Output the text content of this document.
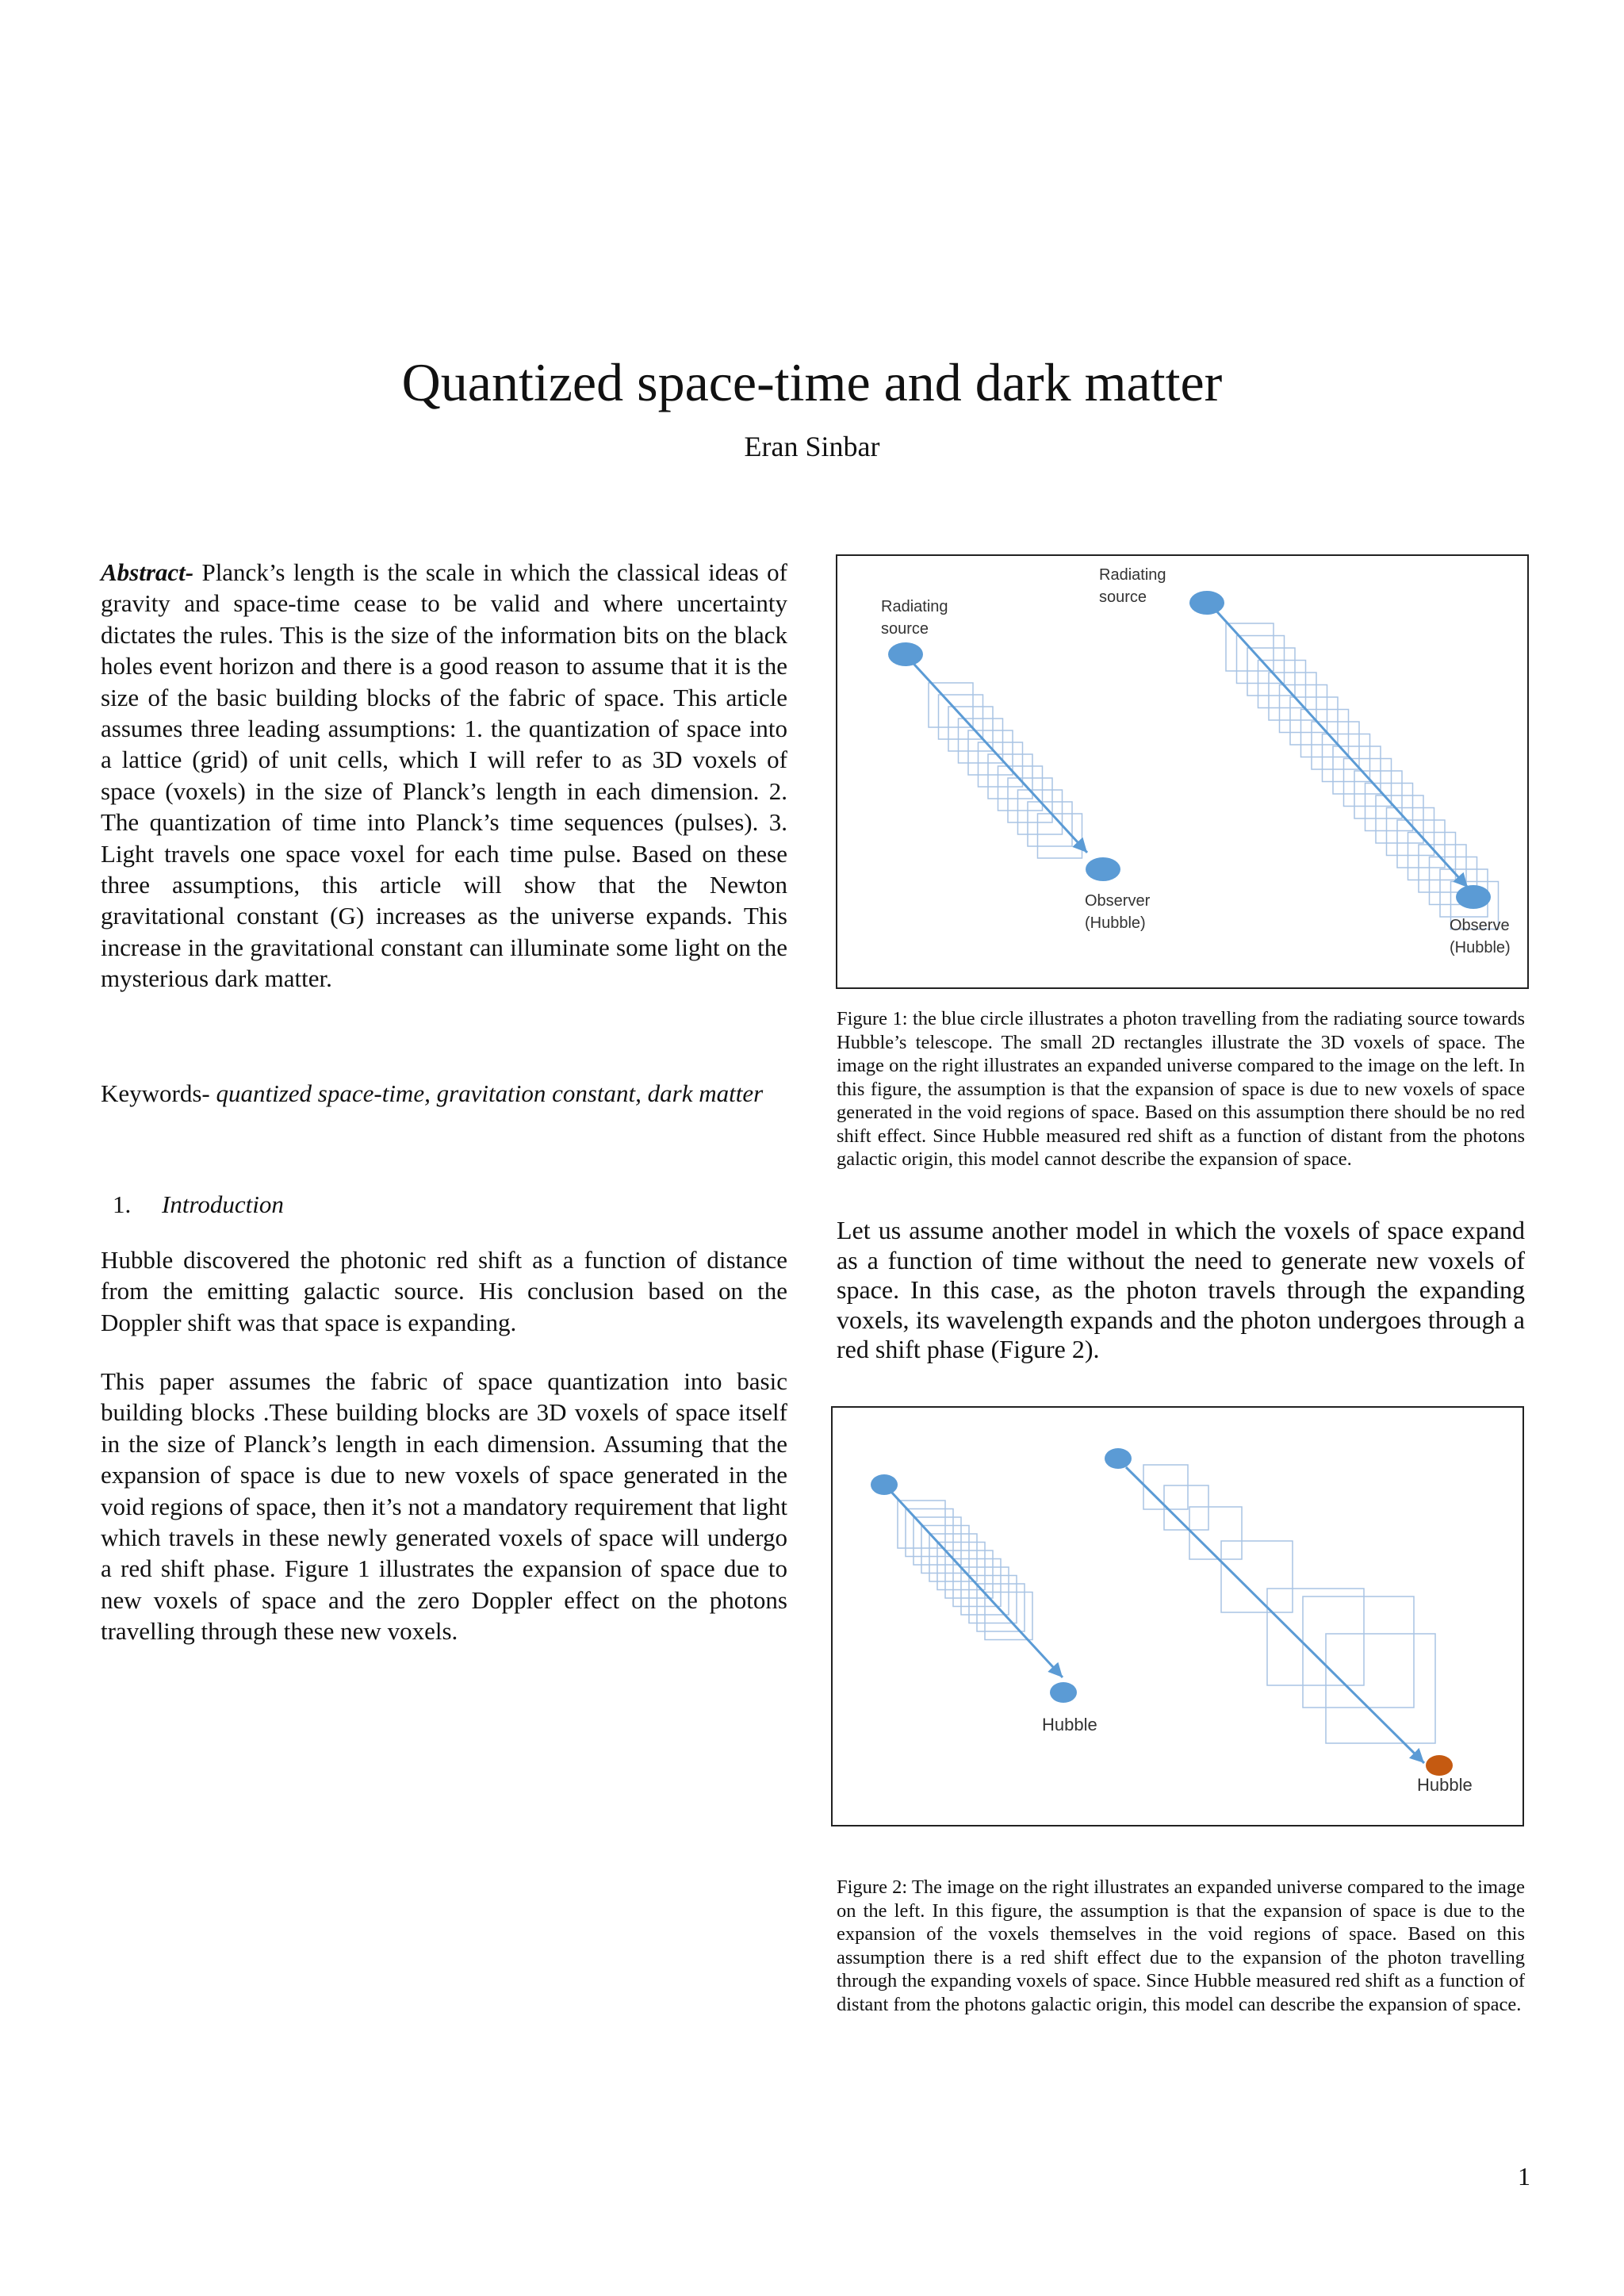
Quantized space-time and dark matter
Eran Sinbar
Abstract- Planck’s length is the scale in which the classical ideas of gravity and space-time cease to be valid and where uncertainty dictates the rules. This is the size of the information bits on the black holes event horizon and there is a good reason to assume that it is the size of the basic building blocks of the fabric of space. This article assumes three leading assumptions: 1. the quantization of space into a lattice (grid) of unit cells, which I will refer to as 3D voxels of space (voxels) in the size of Planck’s length in each dimension. 2. The quantization of time into Planck’s time sequences (pulses). 3. Light travels one space voxel for each time pulse. Based on these three assumptions, this article will show that the Newton gravitational constant (G) increases as the universe expands. This increase in the gravitational constant can illuminate some light on the mysterious dark matter.
Keywords- quantized space-time, gravitation constant, dark matter
1. Introduction
Hubble discovered the photonic red shift as a function of distance from the emitting galactic source. His conclusion based on the Doppler shift was that space is expanding.
This paper assumes the fabric of space quantization into basic building blocks .These building blocks are 3D voxels of space itself in the size of Planck’s length in each dimension. Assuming that the expansion of space is due to new voxels of space generated in the void regions of space, then it’s not a mandatory requirement that light which travels in these newly generated voxels of space will undergo a red shift phase. Figure 1 illustrates the expansion of space due to new voxels of space and the zero Doppler effect on the photons travelling through these new voxels.
Radiating
source
Radiating
source
Observer
(Hubble)	Observe
(Hubble)
Figure 1: the blue circle illustrates a photon travelling from the radiating source towards Hubble’s telescope. The small 2D rectangles illustrate the 3D voxels of space. The image on the right illustrates an expanded universe compared to the image on the left. In this figure, the assumption is that the expansion of space is due to new voxels of space generated in the void regions of space. Based on this assumption there should be no red shift effect. Since Hubble measured red shift as a function of distant from the photons galactic origin, this model cannot describe the expansion of space.
Let us assume another model in which the voxels of space expand as a function of time without the need to generate new voxels of space. In this case, as the photon travels through the expanding voxels, its wavelength expands and the photon undergoes through a red shift phase (Figure 2).
Hubble
Hubble
Figure 2: The image on the right illustrates an expanded universe compared to the image on the left. In this figure, the assumption is that the expansion of space is due to the expansion of the voxels themselves in the void regions of space. Based on this assumption there is a red shift effect due to the expansion of the photon travelling through the expanding voxels of space. Since Hubble measured red shift as a function of distant from the photons galactic origin, this model can describe the expansion of space.
1
